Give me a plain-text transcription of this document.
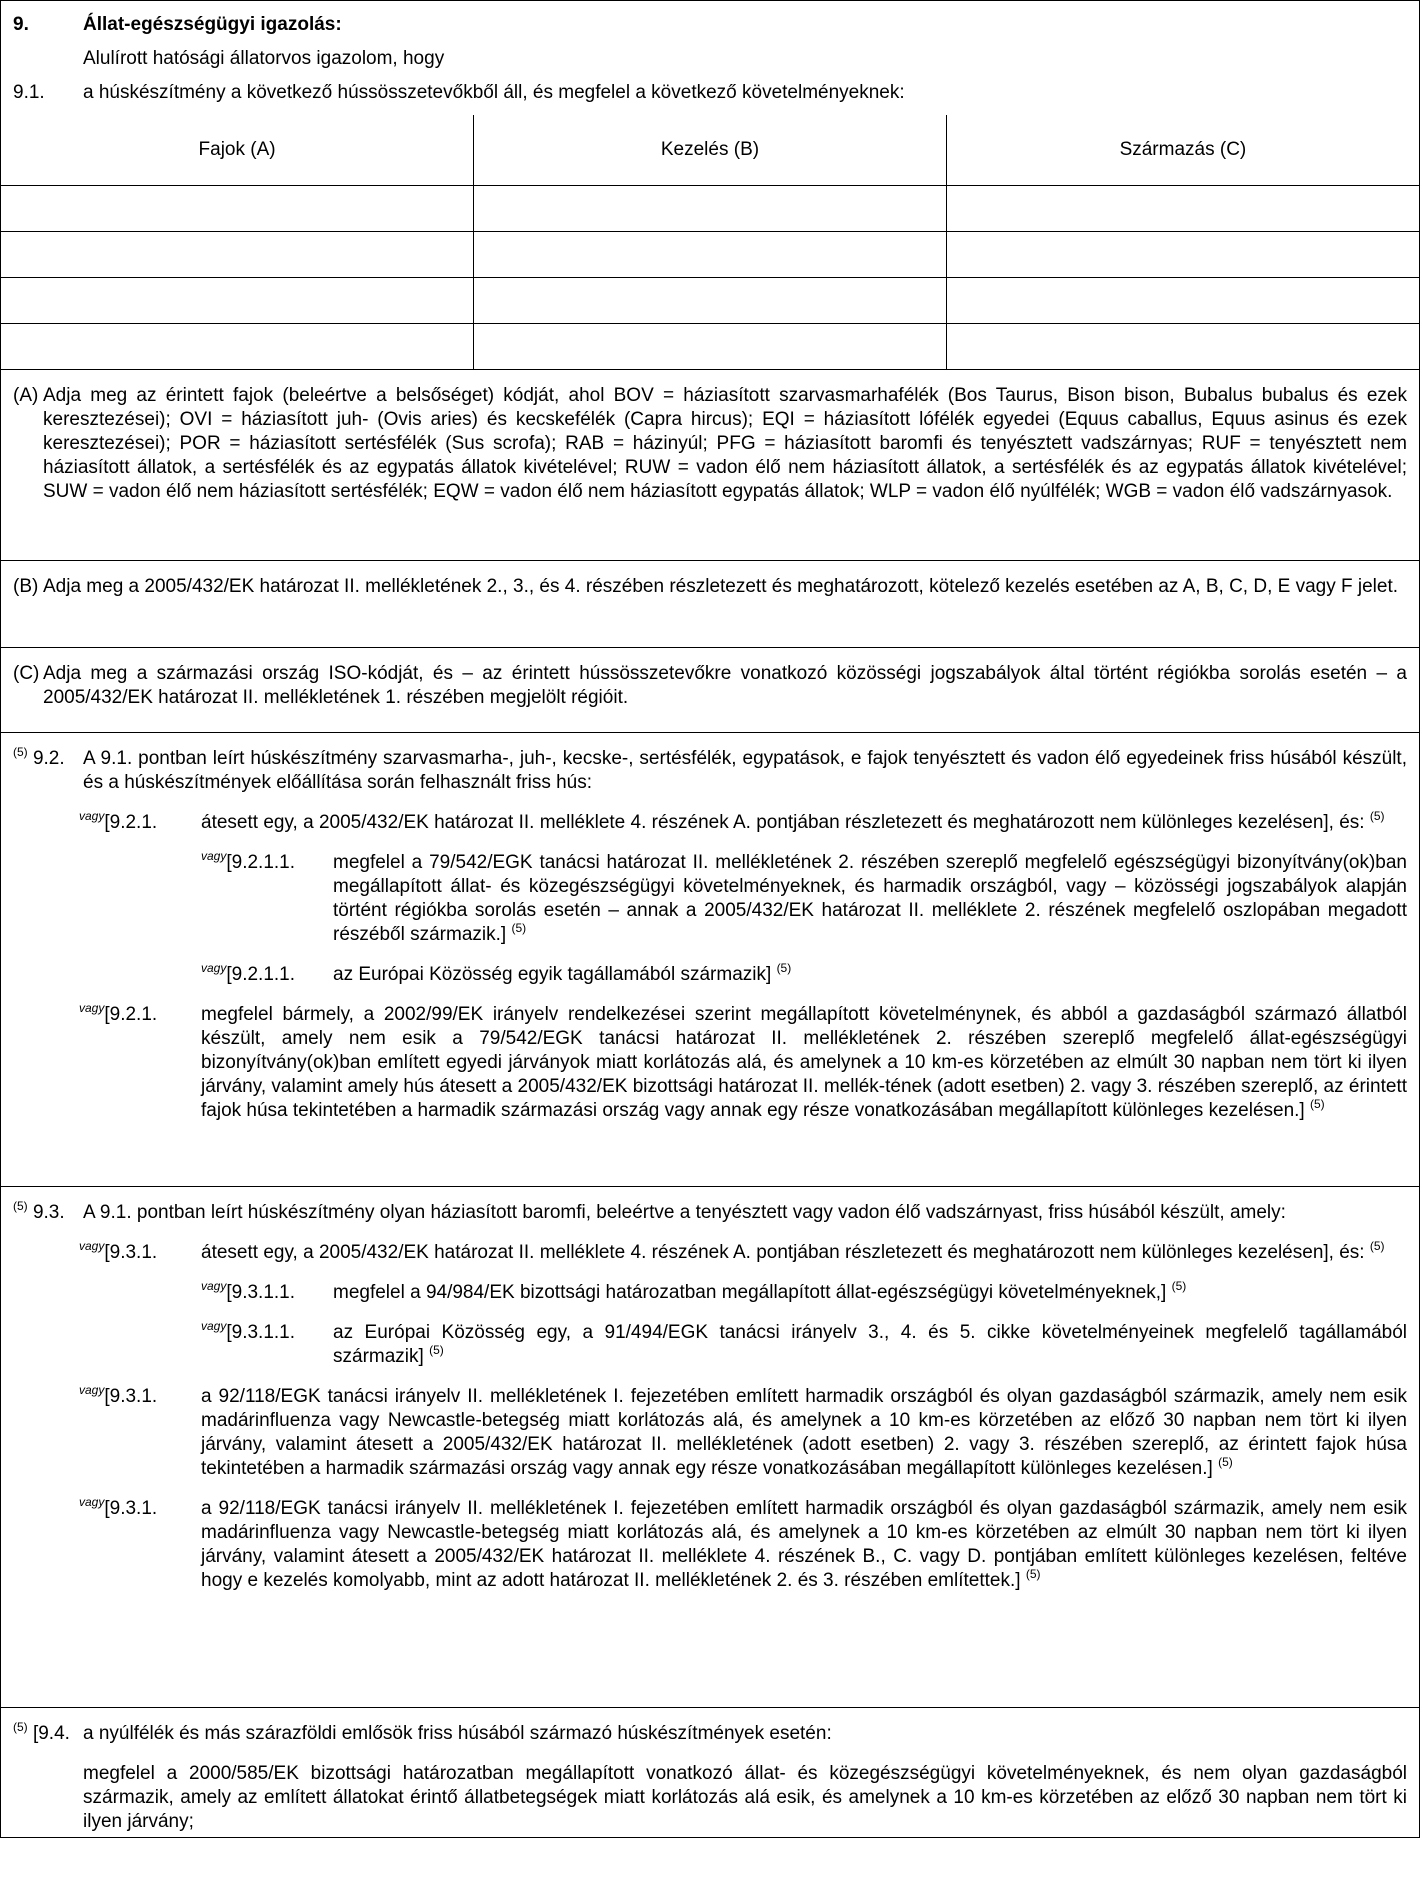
9.	Állat-egészségügyi igazolás:
Alulírott hatósági állatorvos igazolom, hogy
9.1. a húskészítmény a következő hússösszetevőkből áll, és megfelel a következő követelményeknek:
Fajok (A)	Kezelés (B)	Származás (C)

(A) Adja meg az érintett fajok (beleértve a belsőséget) kódját, ahol BOV = háziasított szarvasmarhafélék (Bos Taurus, Bison bison, Bubalus bubalus és ezek keresztezései); OVI = háziasított juh- (Ovis aries) és kecskefélék (Capra hircus); EQI = háziasított lófélék egyedei (Equus caballus, Equus asinus és ezek keresztezései); POR = háziasított sertésfélék (Sus scrofa); RAB = házinyúl; PFG = háziasított baromfi és tenyésztett vadszárnyas; RUF = tenyésztett nem háziasított állatok, a sertésfélék és az egypatás állatok kivételével; RUW = vadon élő nem háziasított állatok, a sertésfélék és az egypatás állatok kivételével; SUW = vadon élő nem háziasított sertésfélék; EQW = vadon élő nem háziasított egypatás állatok; WLP = vadon élő nyúlfélék; WGB = vadon élő vadszárnyasok.
(B) Adja meg a 2005/432/EK határozat II. mellékletének 2., 3., és 4. részében részletezett és meghatározott, kötelező kezelés esetében az A, B, C, D, E vagy F jelet.
(C) Adja meg a származási ország ISO-kódját, és – az érintett hússösszetevőkre vonatkozó közösségi jogszabályok által történt régiókba sorolás esetén – a 2005/432/EK határozat II. mellékletének 1. részében megjelölt régióit.
$^{(5)}$ 9.2. A 9.1. pontban leírt húskészítmény szarvasmarha-, juh-, kecske-, sertésfélék, egypatások, e fajok tenyésztett és vadon élő egyedeinek friss húsából készült, és a húskészítmények előállítása során felhasznált friss hús:
$^{vagy}$[9.2.1.	átesett egy, a 2005/432/EK határozat II. melléklete 4. részének A. pontjában részletezett és meghatározott nem különleges kezelésen], és: $^{(5)}$
$^{vagy}$[9.2.1.1.	megfelel a 79/542/EGK tanácsi határozat II. mellékletének 2. részében szereplő megfelelő egészségügyi bizonyítvány(ok)ban megállapított állat- és közegészségügyi követelményeknek, és harmadik országból, vagy – közösségi jogszabályok alapján történt régiókba sorolás esetén – annak a 2005/432/EK határozat II. melléklete 2. részének megfelelő oszlopában megadott részéből származik.] $^{(5)}$
$^{vagy}$[9.2.1.1.	az Európai Közösség egyik tagállamából származik] $^{(5)}$
$^{vagy}$[9.2.1.	megfelel bármely, a 2002/99/EK irányelv rendelkezései szerint megállapított követelménynek, és abból a gazdaságból származó állatból készült, amely nem esik a 79/542/EGK tanácsi határozat II. mellékletének 2. részében szereplő megfelelő állat-egészségügyi bizonyítvány(ok)ban említett egyedi járványok miatt korlátozás alá, és amelynek a 10 km-es körzetében az elmúlt 30 napban nem tört ki ilyen járvány, valamint amely hús átesett a 2005/432/EK bizottsági határozat II. mellék-tének (adott esetben) 2. vagy 3. részében szereplő, az érintett fajok húsa tekintetében a harmadik származási ország vagy annak egy része vonatkozásában megállapított különleges kezelésen.] $^{(5)}$
$^{(5)}$ 9.3. A 9.1. pontban leírt húskészítmény olyan háziasított baromfi, beleértve a tenyésztett vagy vadon élő vadszárnyast, friss húsából készült, amely:
$^{vagy}$[9.3.1.	átesett egy, a 2005/432/EK határozat II. melléklete 4. részének A. pontjában részletezett és meghatározott nem különleges kezelésen], és: $^{(5)}$
$^{vagy}$[9.3.1.1.	megfelel a 94/984/EK bizottsági határozatban megállapított állat-egészségügyi követelményeknek,] $^{(5)}$
$^{vagy}$[9.3.1.1.	az Európai Közösség egy, a 91/494/EGK tanácsi irányelv 3., 4. és 5. cikke követelményeinek megfelelő tagállamából származik] $^{(5)}$
$^{vagy}$[9.3.1.	a 92/118/EGK tanácsi irányelv II. mellékletének I. fejezetében említett harmadik országból és olyan gazdaságból származik, amely nem esik madárinfluenza vagy Newcastle-betegség miatt korlátozás alá, és amelynek a 10 km-es körzetében az előző 30 napban nem tört ki ilyen járvány, valamint átesett a 2005/432/EK határozat II. mellékletének (adott esetben) 2. vagy 3. részében szereplő, az érintett fajok húsa tekintetében a harmadik származási ország vagy annak egy része vonatkozásában megállapított különleges kezelésen.] $^{(5)}$
$^{vagy}$[9.3.1.	a 92/118/EGK tanácsi irányelv II. mellékletének I. fejezetében említett harmadik országból és olyan gazdaságból származik, amely nem esik madárinfluenza vagy Newcastle-betegség miatt korlátozás alá, és amelynek a 10 km-es körzetében az elmúlt 30 napban nem tört ki ilyen járvány, valamint átesett a 2005/432/EK határozat II. melléklete 4. részének B., C. vagy D. pontjában említett különleges kezelésen, feltéve hogy e kezelés komolyabb, mint az adott határozat II. mellékletének 2. és 3. részében említettek.] $^{(5)}$
$^{(5)}$ [9.4. a nyúlfélék és más szárazföldi emlősök friss húsából származó húskészítmények esetén:
megfelel a 2000/585/EK bizottsági határozatban megállapított vonatkozó állat- és közegészségügyi követelményeknek, és nem olyan gazdaságból származik, amely az említett állatokat érintő állatbetegségek miatt korlátozás alá esik, és amelynek a 10 km-es körzetében az előző 30 napban nem tört ki ilyen járvány;
